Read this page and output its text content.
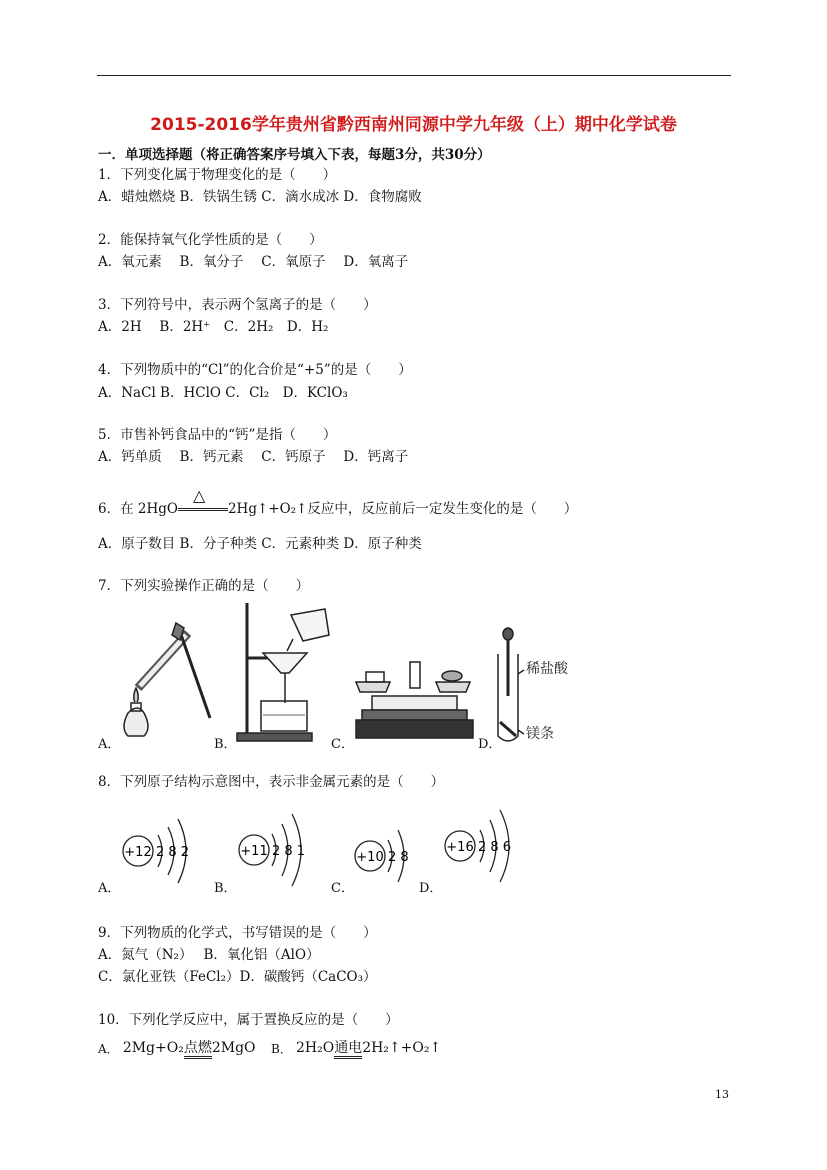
2015-2016学年贵州省黔西南州同源中学九年级（上）期中化学试卷
一．单项选择题（将正确答案序号填入下表，每题3分，共30分）
1．下列变化属于物理变化的是（　　）
A．蜡烛燃烧 B．铁锅生锈 C．滴水成冰 D．食物腐败
2．能保持氧气化学性质的是（　　）
A．氧元素　 B．氧分子　 C．氧原子　 D．氧离子
3．下列符号中，表示两个氢离子的是（　　）
A．2H　 B．2H⁺　C．2H₂　D．H₂
4．下列物质中的“Cl”的化合价是“+5”的是（　　）
A．NaCl B．HClO C．Cl₂　D．KClO₃
5．市售补钙食品中的“钙”是指（　　）
A．钙单质　 B．钙元素　 C．钙原子　 D．钙离子
6．在 2HgO
△
2Hg↑+O₂↑反应中，反应前后一定发生变化的是（　　）
A．原子数目 B．分子种类 C．元素种类 D．原子种类
7．下列实验操作正确的是（　　）
A．	B．	C．	D．
稀盐酸
镁条
8．下列原子结构示意图中，表示非金属元素的是（　　）
A．	B．	C．	D．
+12 2 8 2	+11 2 8 1	+10 2 8
+16 2 8 6
9．下列物质的化学式，书写错误的是（　　）
A．氮气（N₂）　 B．氧化铝（AlO）
C．氯化亚铁（FeCl₂）D．碳酸钙（CaCO₃）
10．下列化学反应中，属于置换反应的是（　　）
A． 2Mg+O₂点燃2MgO B． 2H₂O通电2H₂↑+O₂↑
13
